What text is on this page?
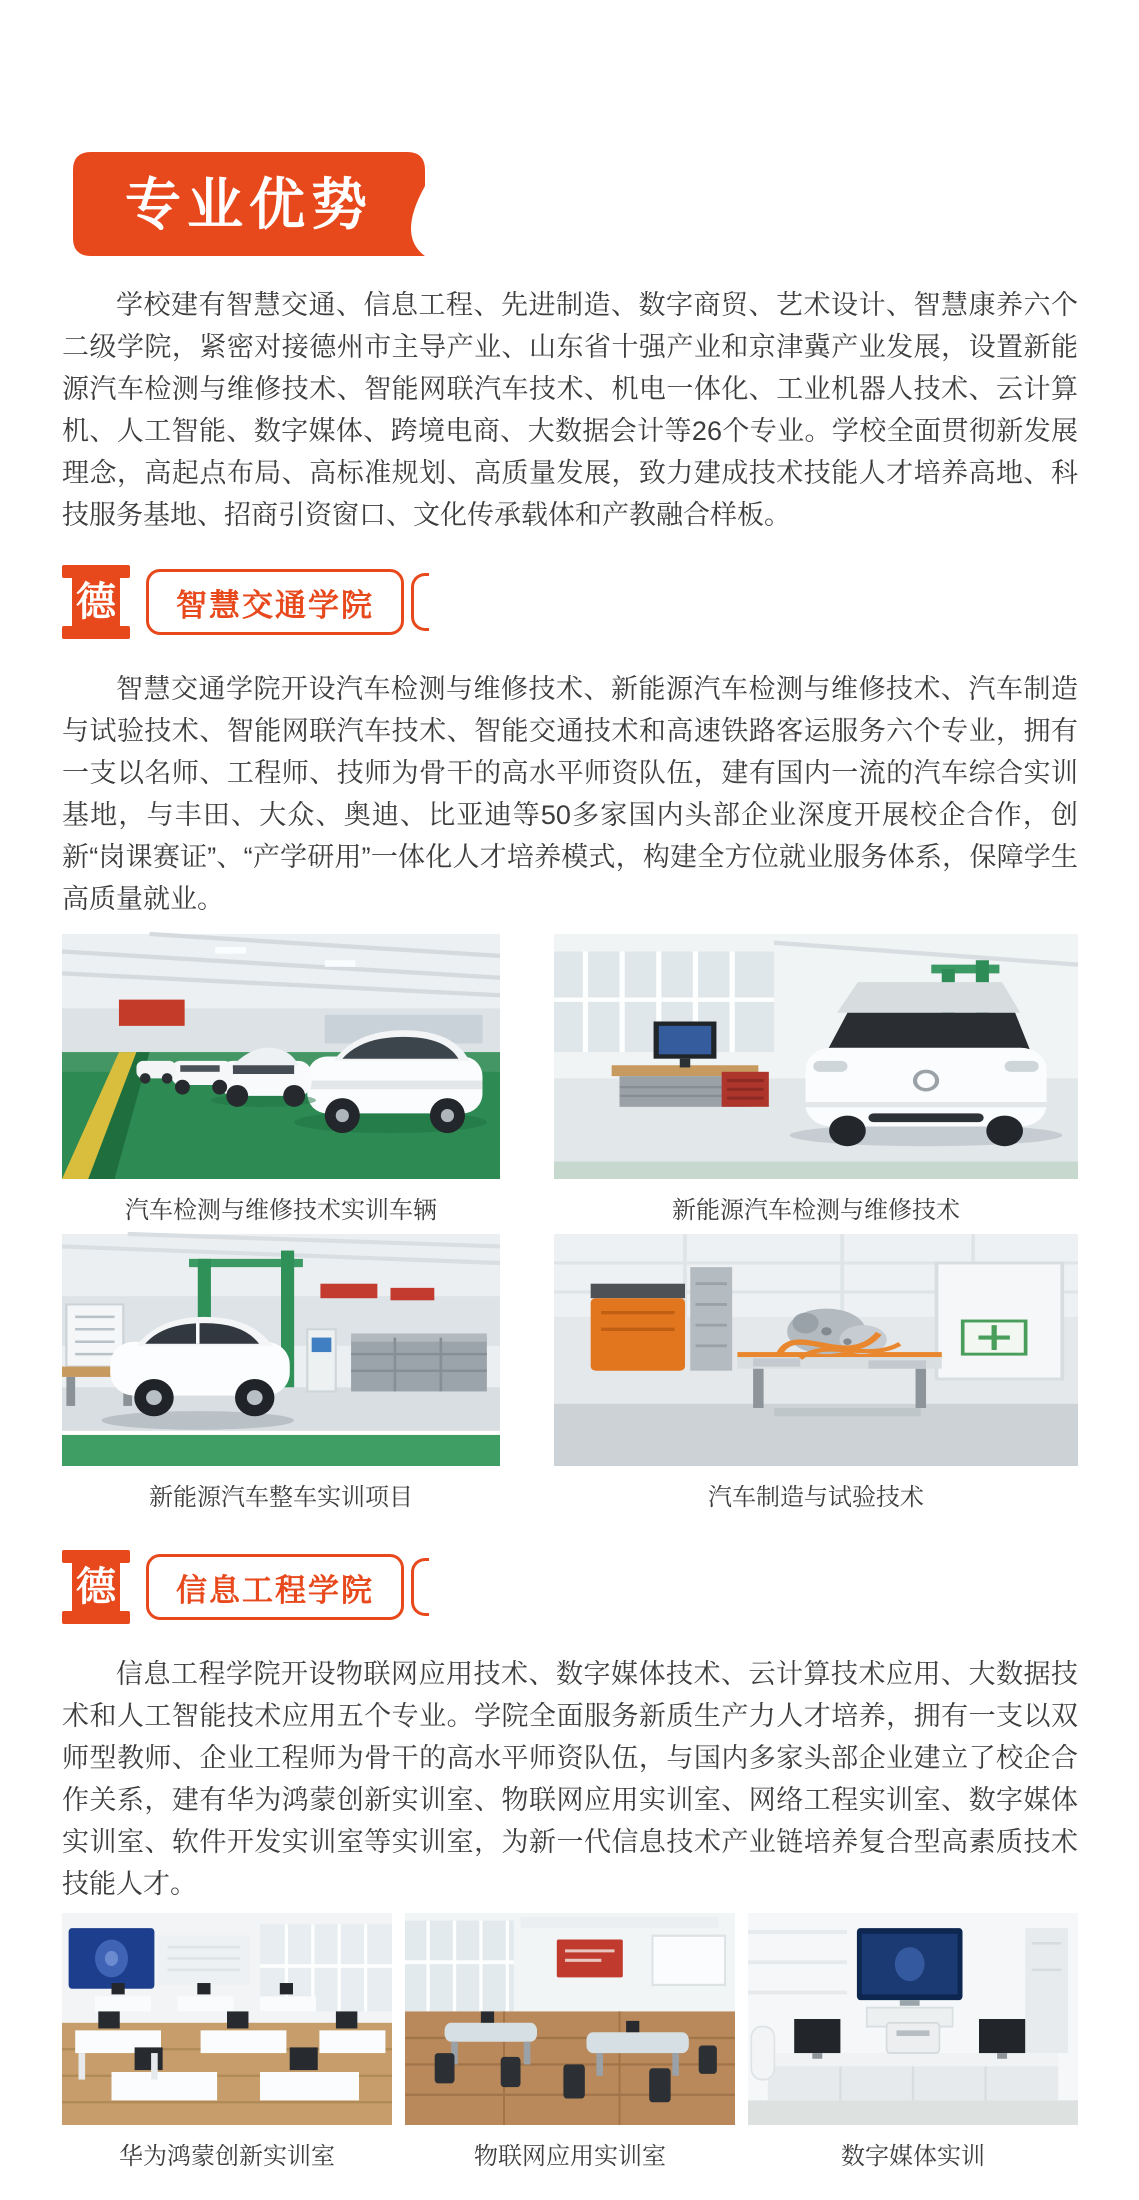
专业优势

学校建有智慧交通、信息工程、先进制造、数字商贸、艺术设计、智慧康养六个二级学院，紧密对接德州市主导产业、山东省十强产业和京津冀产业发展，设置新能源汽车检测与维修技术、智能网联汽车技术、机电一体化、工业机器人技术、云计算机、人工智能、数字媒体、跨境电商、大数据会计等26个专业。学校全面贯彻新发展理念，高起点布局、高标准规划、高质量发展，致力建成技术技能人才培养高地、科技服务基地、招商引资窗口、文化传承载体和产教融合样板。

德 智慧交通学院

智慧交通学院开设汽车检测与维修技术、新能源汽车检测与维修技术、汽车制造与试验技术、智能网联汽车技术、智能交通技术和高速铁路客运服务六个专业，拥有一支以名师、工程师、技师为骨干的高水平师资队伍，建有国内一流的汽车综合实训基地，与丰田、大众、奥迪、比亚迪等50多家国内头部企业深度开展校企合作，创新“岗课赛证”、“产学研用”一体化人才培养模式，构建全方位就业服务体系，保障学生高质量就业。

汽车检测与维修技术实训车辆	新能源汽车检测与维修技术
新能源汽车整车实训项目	汽车制造与试验技术
德 信息工程学院

信息工程学院开设物联网应用技术、数字媒体技术、云计算技术应用、大数据技术和人工智能技术应用五个专业。学院全面服务新质生产力人才培养，拥有一支以双师型教师、企业工程师为骨干的高水平师资队伍，与国内多家头部企业建立了校企合作关系，建有华为鸿蒙创新实训室、物联网应用实训室、网络工程实训室、数字媒体实训室、软件开发实训室等实训室，为新一代信息技术产业链培养复合型高素质技术技能人才。

华为鸿蒙创新实训室	物联网应用实训室	数字媒体实训
